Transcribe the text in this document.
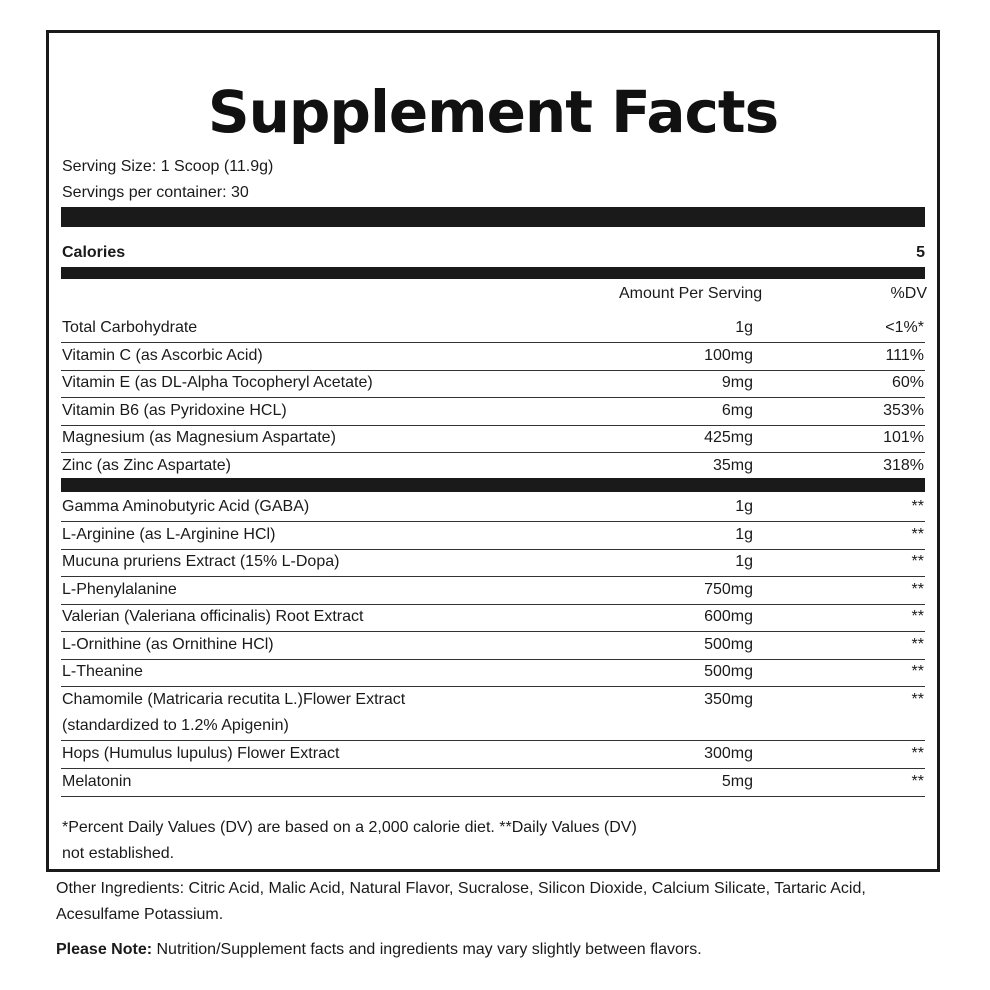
Supplement Facts
Serving Size: 1 Scoop (11.9g)
Servings per container: 30
Calories	5
Amount Per Serving	%DV
Total Carbohydrate	1g	<1%*
Vitamin C (as Ascorbic Acid)	100mg	111%
Vitamin E (as DL-Alpha Tocopheryl Acetate)	9mg	60%
Vitamin B6 (as Pyridoxine HCL)	6mg	353%
Magnesium (as Magnesium Aspartate)	425mg	101%
Zinc (as Zinc Aspartate)	35mg	318%
Gamma Aminobutyric Acid (GABA)	1g	**
L-Arginine (as L-Arginine HCl)	1g	**
Mucuna pruriens Extract (15% L-Dopa)	1g	**
L-Phenylalanine	750mg	**
Valerian (Valeriana officinalis) Root Extract	600mg	**
L-Ornithine (as Ornithine HCl)	500mg	**
L-Theanine	500mg	**
Chamomile (Matricaria recutita L.)Flower Extract
(standardized to 1.2% Apigenin)
350mg	**
Hops (Humulus lupulus) Flower Extract	300mg	**
Melatonin	5mg	**
*Percent Daily Values (DV) are based on a 2,000 calorie diet. **Daily Values (DV)
not established.
Other Ingredients: Citric Acid, Malic Acid, Natural Flavor, Sucralose, Silicon Dioxide, Calcium Silicate, Tartaric Acid, Acesulfame Potassium.
Please Note: Nutrition/Supplement facts and ingredients may vary slightly between flavors.
